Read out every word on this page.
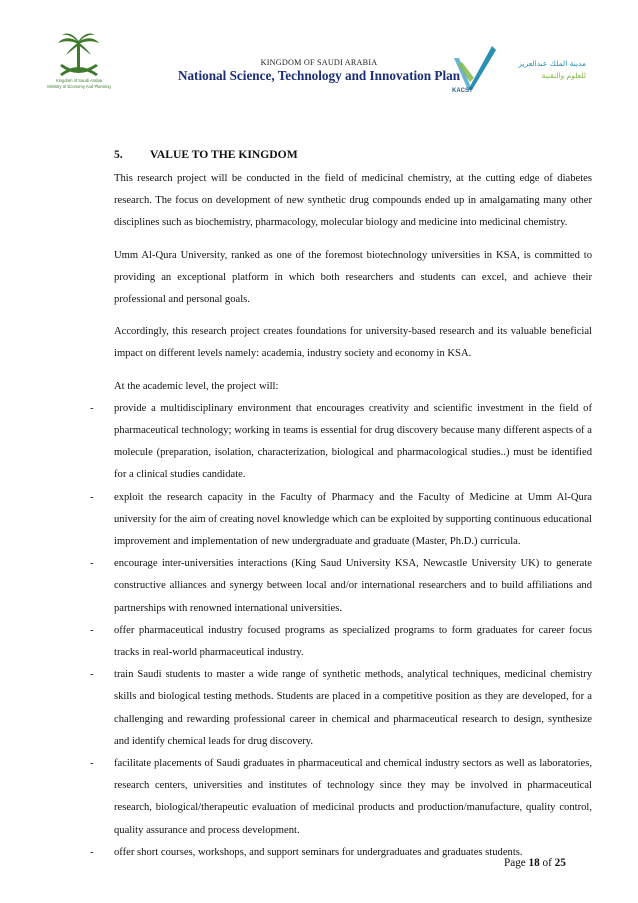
Kingdom of Saudi Arabia
Ministry of Economy And Planning
KINGDOM OF SAUDI ARABIA
National Science, Technology and Innovation Plan
KACST
مدينة الملك عبدالعزيز
للعلوم والتقنية
5. VALUE TO THE KINGDOM

This research project will be conducted in the field of medicinal chemistry, at the cutting edge of diabetes research. The focus on development of new synthetic drug compounds ended up in amalgamating many other disciplines such as biochemistry, pharmacology, molecular biology and medicine into medicinal chemistry.

Umm Al-Qura University, ranked as one of the foremost biotechnology universities in KSA, is committed to providing an exceptional platform in which both researchers and students can excel, and achieve their professional and personal goals.

Accordingly, this research project creates foundations for university-based research and its valuable beneficial impact on different levels namely: academia, industry society and economy in KSA.

At the academic level, the project will:

- provide a multidisciplinary environment that encourages creativity and scientific investment in the field of pharmaceutical technology; working in teams is essential for drug discovery because many different aspects of a molecule (preparation, isolation, characterization, biological and pharmacological studies..) must be identified for a clinical studies candidate.
- exploit the research capacity in the Faculty of Pharmacy and the Faculty of Medicine at Umm Al-Qura university for the aim of creating novel knowledge which can be exploited by supporting continuous educational improvement and implementation of new undergraduate and graduate (Master, Ph.D.) curricula.
- encourage inter-universities interactions (King Saud University KSA, Newcastle University UK) to generate constructive alliances and synergy between local and/or international researchers and to build affiliations and partnerships with renowned international universities.
- offer pharmaceutical industry focused programs as specialized programs to form graduates for career focus tracks in real-world pharmaceutical industry.
- train Saudi students to master a wide range of synthetic methods, analytical techniques, medicinal chemistry skills and biological testing methods. Students are placed in a competitive position as they are developed, for a challenging and rewarding professional career in chemical and pharmaceutical research to design, synthesize and identify chemical leads for drug discovery.
- facilitate placements of Saudi graduates in pharmaceutical and chemical industry sectors as well as laboratories, research centers, universities and institutes of technology since they may be involved in pharmaceutical research, biological/therapeutic evaluation of medicinal products and production/manufacture, quality control, quality assurance and process development.
- offer short courses, workshops, and support seminars for undergraduates and graduates students.
Page 18 of 25
